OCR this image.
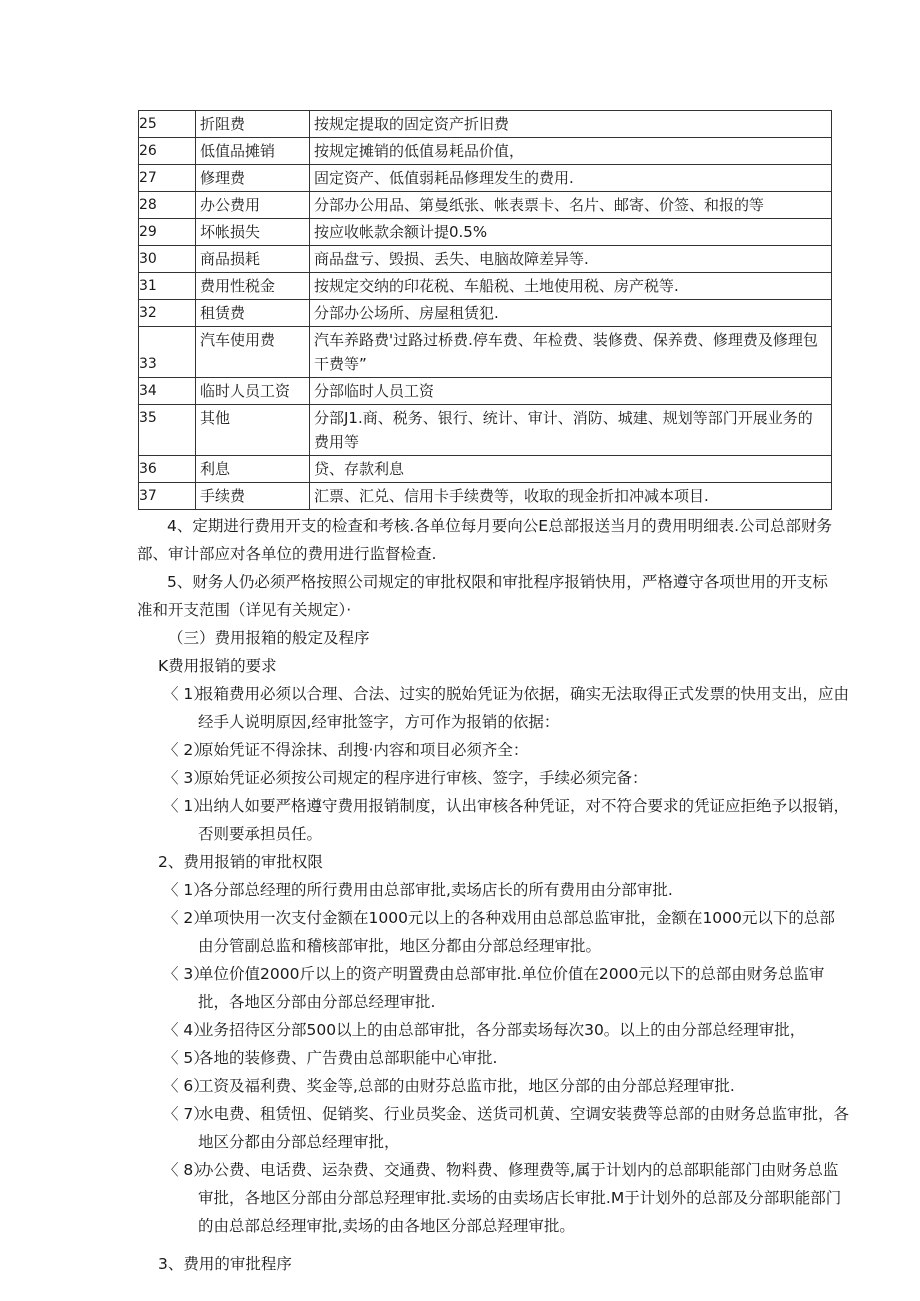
25	折阻费	按规定提取的固定资产折旧费
26	低值品摊销	按规定摊销的低值易耗品价值，
27	修理费	固定资产、低值弱耗品修理发生的费用.
28	办公费用	分部办公用品、第曼纸张、帐表票卡、名片、邮寄、价签、和报的等
29	坏帐损失	按应收帐款余额计提0.5%
30	商品损耗	商品盘亏、毁损、丢失、电脑故障差异等.
31	费用性税金	按规定交纳的印花税、车船税、土地使用税、房产税等.
32	租赁费	分部办公场所、房屋租赁犯.
33	汽车使用费	汽车养路费'过路过桥费.停车费、年检费、装修费、保养费、修理费及修理包干费等”
34	临时人员工资	分部临时人员工资
35	其他	分部J1.商、税务、银行、统计、审计、消防、城建、规划等部门开展业务的费用等
36	利息	贷、存款利息
37	手续费	汇票、汇兑、信用卡手续费等，收取的现金折扣冲减本项目.

4、定期进行费用开支的检查和考核.各单位每月要向公E总部报送当月的费用明细表.公司总部财务部、审计部应对各单位的费用进行监督检查.

5、财务人仍必须严格按照公司规定的审批权限和审批程序报销快用，严格遵守各项世用的开支标准和开支范围（详见有关规定）·

（三）费用报箱的般定及程序

K费用报销的要求

〈 1）
报箱费用必须以合理、合法、过实的脱始凭证为依据，确实无法取得正式发票的快用支出，应由经手人说明原因,经审批签字，方可作为报销的依据：

〈 2）
原始凭证不得涂抹、刮搜·内容和项目必须齐全：

〈 3）
原始凭证必须按公司规定的程序进行审核、签字，手续必须完备：

〈 1）
出纳人如要严格遵守费用报销制度，认出审核各种凭证，对不符合要求的凭证应拒绝予以报销，否则要承担员任。

2、费用报销的审批权限

〈 1）
各分部总经理的所行费用由总部审批,卖场店长的所有费用由分部审批.

〈 2）
单项快用一次支付金额在1000元以上的各种戏用由总部总监审批，金额在1000元以下的总部由分管副总监和稽核部审批，地区分都由分部总经理审批。

〈 3）
单位价值2000斤以上的资产明置费由总部审批.单位价值在2000元以下的总部由财务总监审批，各地区分部由分部总经理审批.

〈 4）
业务招待区分部500以上的由总部审批，各分部卖场每次30。以上的由分部总经理审批，

〈 5）
各地的装修费、广告费由总部职能中心审批.

〈 6）
工资及福利费、奖金等,总部的由财芬总监市批，地区分部的由分部总羟理审批.

〈 7）
水电费、租赁忸、促销奖、行业员奖金、送货司机黄、空调安装费等总部的由财务总监审批，各地区分都由分部总经理审批，

〈 8）
办公费、电话费、运杂费、交通费、物料费、修理费等,属于计划内的总部职能部门由财务总监审批，各地区分部由分部总羟理审批.卖场的由卖场店长审批.M于计划外的总部及分部职能部门的由总部总经理审批,卖场的由各地区分部总羟理审批。

3、费用的审批程序
